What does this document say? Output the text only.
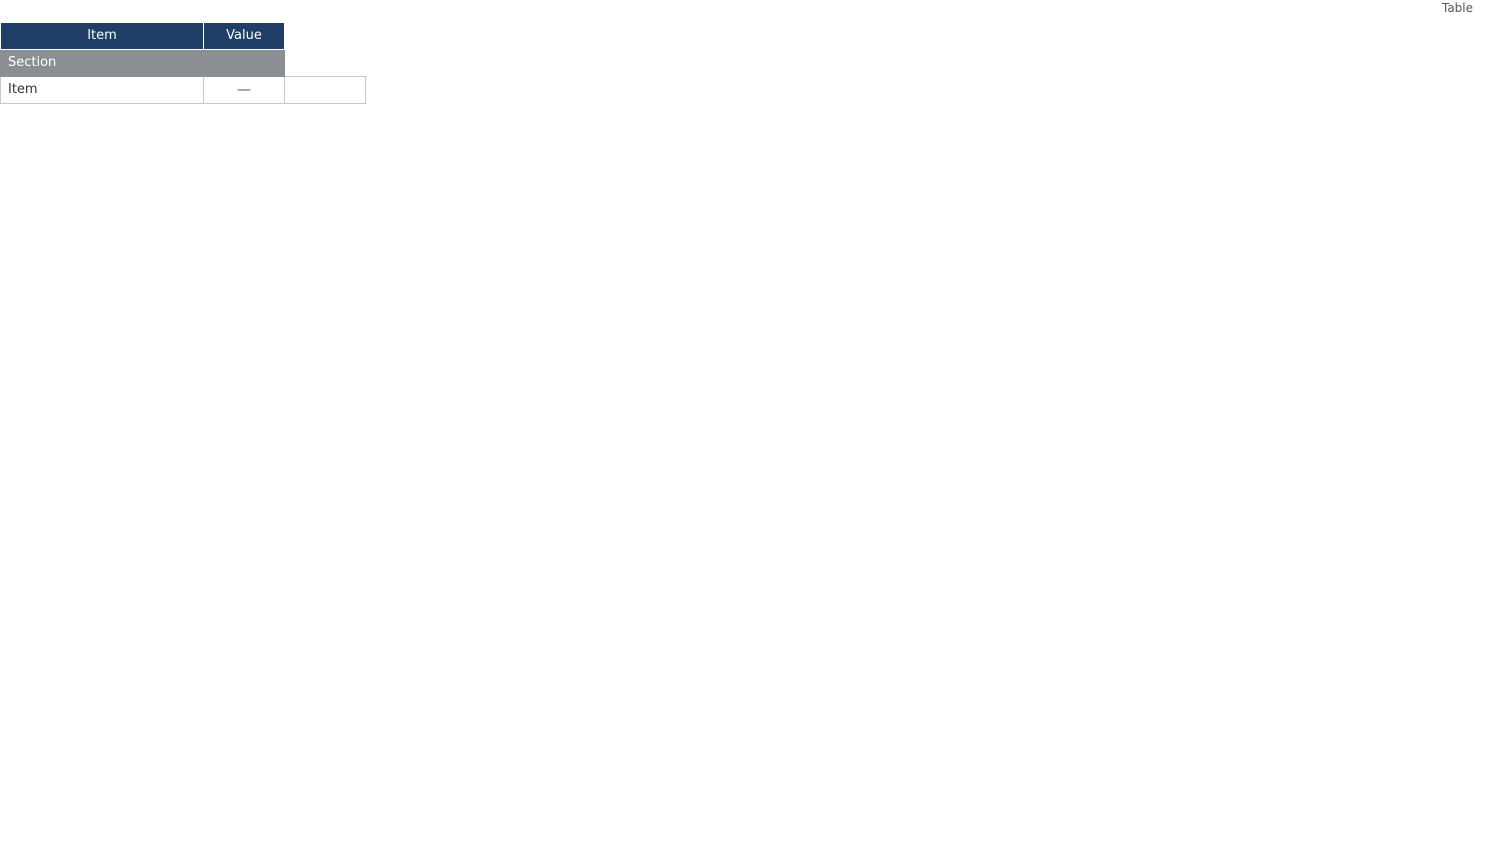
Table

Item	Value	
Section		
Item	—	
